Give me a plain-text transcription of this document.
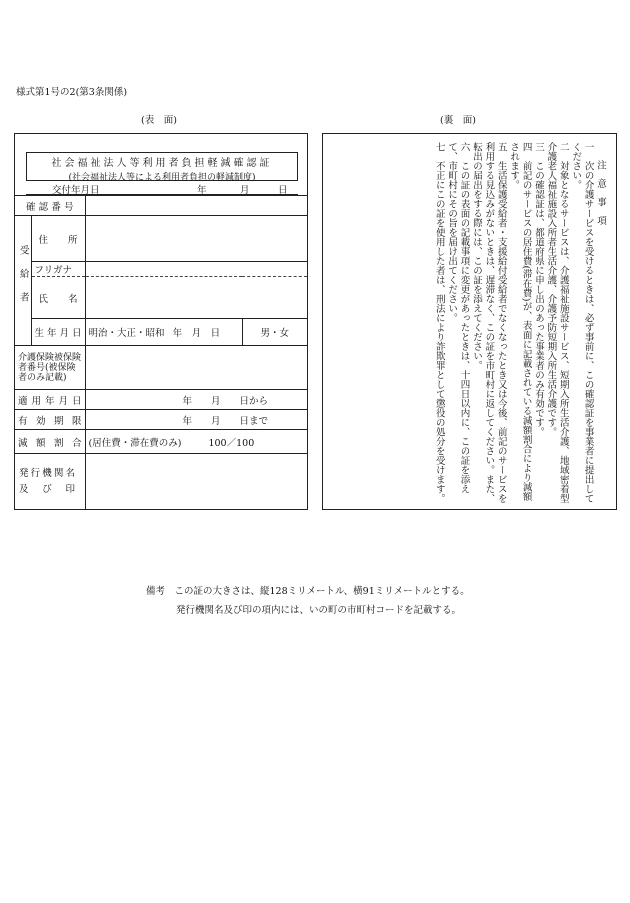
様式第1号の2(第3条関係)
(表　面)	(裏　面)
社会福祉法人等利用者負担軽減確認証
(社会福祉法人等による利用者負担の軽減制度)
交付年月日	年	月	日
確認番号			

受給者	住所		

	フリガナ		

	氏名		

	生年月日	明治・大正・昭和 年　月　日	男・女

介護保険被保険者番号(被保険者のみ記載)			

適用年月日		年　　月　　日から	

有効期限		年　　月　　日まで	

減額割合		(居住費・滞在費のみ) 100／100	

発行機関名及び印			

注意事項

一　次の介護サービスを受けるときは、必ず事前に、この確認証を事業者に提出してください。

二　対象となるサービスは、介護福祉施設サービス、短期入所生活介護、地域密着型介護老人福祉施設入所者生活介護、介護予防短期入所生活介護です。

三　この確認証は、都道府県に申し出のあった事業者のみ有効です。

四　前記のサービスの居住費(滞在費)が、表面に記載されている減額割合により減額されます。

五　生活保護受給者・支援給付受給者でなくなったとき又は今後、前記のサービスを利用する見込みがないときは、遅滞なく、この証を市町村に返してください。また、転出の届出をする際には、この証を添えてください。

六　この証の表面の記載事項に変更があったときは、十四日以内に、この証を添えて、市町村にその旨を届け出てください。

七　不正にこの証を使用した者は、刑法により詐欺罪として懲役の処分を受けます。

備考　この証の大きさは、縦128ミリメートル、横91ミリメートルとする。
発行機関名及び印の項内には、いの町の市町村コードを記載する。
